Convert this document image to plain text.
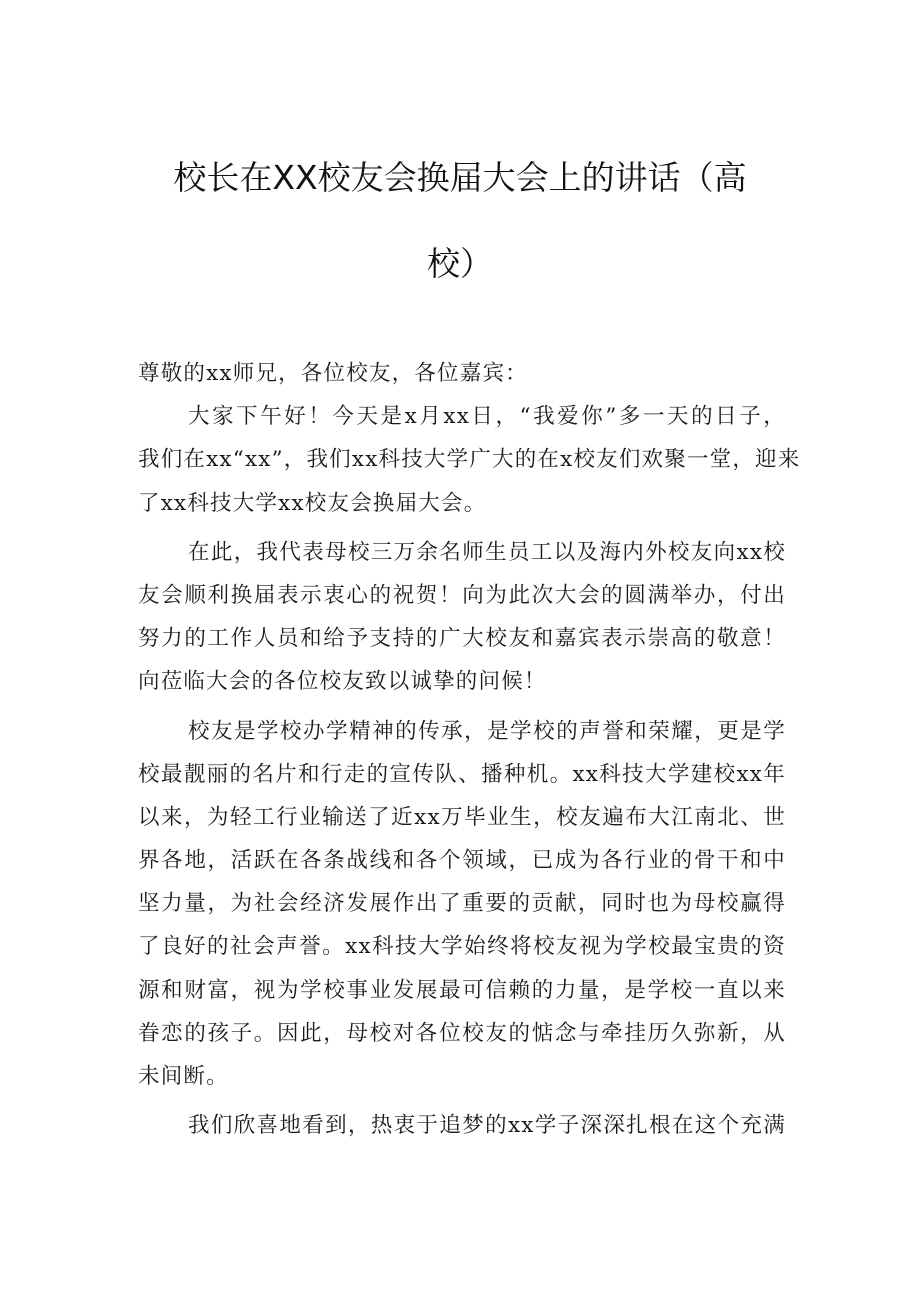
校长在XX校友会换届大会上的讲话（高
校）
尊敬的xx师兄，各位校友，各位嘉宾：
大家下午好！今天是x月xx日，“我爱你”多一天的日子，
我们在xx“xx”，我们xx科技大学广大的在x校友们欢聚一堂，迎来
了xx科技大学xx校友会换届大会。
在此，我代表母校三万余名师生员工以及海内外校友向xx校
友会顺利换届表示衷心的祝贺！向为此次大会的圆满举办，付出
努力的工作人员和给予支持的广大校友和嘉宾表示崇高的敬意！
向莅临大会的各位校友致以诚挚的问候！
校友是学校办学精神的传承，是学校的声誉和荣耀，更是学
校最靓丽的名片和行走的宣传队、播种机。xx科技大学建校xx年
以来，为轻工行业输送了近xx万毕业生，校友遍布大江南北、世
界各地，活跃在各条战线和各个领域，已成为各行业的骨干和中
坚力量，为社会经济发展作出了重要的贡献，同时也为母校赢得
了良好的社会声誉。xx科技大学始终将校友视为学校最宝贵的资
源和财富，视为学校事业发展最可信赖的力量，是学校一直以来
眷恋的孩子。因此，母校对各位校友的惦念与牵挂历久弥新，从
未间断。
我们欣喜地看到，热衷于追梦的xx学子深深扎根在这个充满
